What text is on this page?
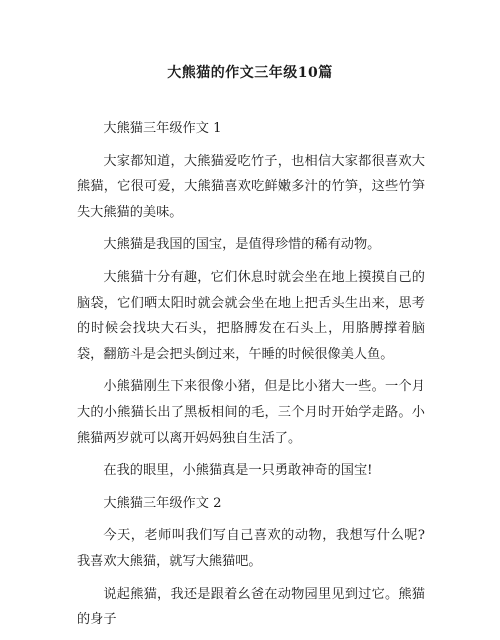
大熊猫的作文三年级10篇
大熊猫三年级作文 1

大家都知道，大熊猫爱吃竹子，也相信大家都很喜欢大熊猫，它很可爱，大熊猫喜欢吃鲜嫩多汁的竹笋，这些竹笋失大熊猫的美味。

大熊猫是我国的国宝，是值得珍惜的稀有动物。

大熊猫十分有趣，它们休息时就会坐在地上摸摸自己的脑袋，它们晒太阳时就会就会坐在地上把舌头生出来，思考的时候会找块大石头，把胳膊发在石头上，用胳膊撑着脑袋，翻筋斗是会把头倒过来，午睡的时候很像美人鱼。

小熊猫刚生下来很像小猪，但是比小猪大一些。一个月大的小熊猫长出了黑板相间的毛，三个月时开始学走路。小熊猫两岁就可以离开妈妈独自生活了。

在我的眼里，小熊猫真是一只勇敢神奇的国宝!

大熊猫三年级作文 2

今天，老师叫我们写自己喜欢的动物，我想写什么呢?我喜欢大熊猫，就写大熊猫吧。

说起熊猫，我还是跟着幺爸在动物园里见到过它。熊猫的身子
